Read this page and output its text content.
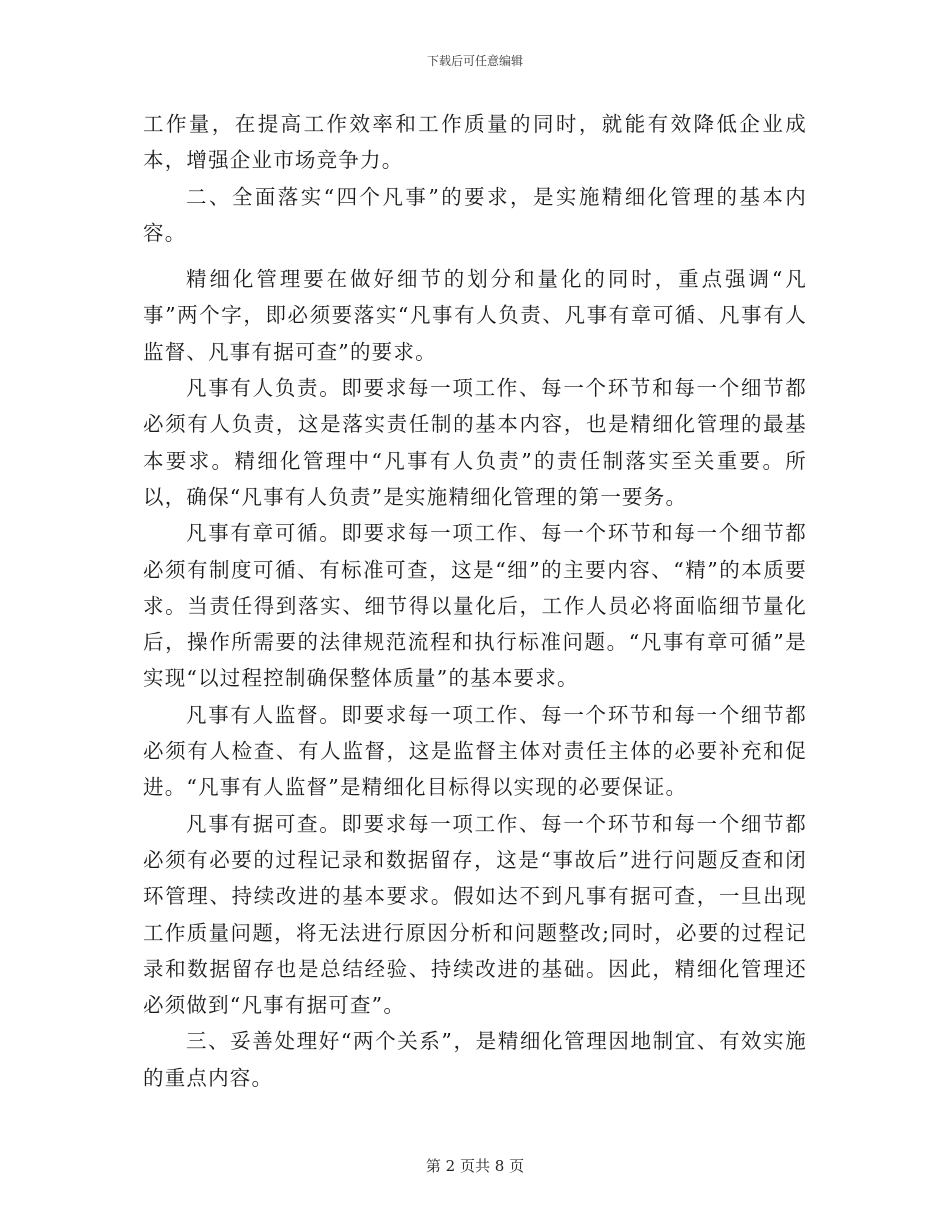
下载后可任意编辑

工作量，在提高工作效率和工作质量的同时，就能有效降低企业成本，增强企业市场竞争力。

二、全面落实“四个凡事”的要求，是实施精细化管理的基本内容。

精细化管理要在做好细节的划分和量化的同时，重点强调“凡事”两个字，即必须要落实“凡事有人负责、凡事有章可循、凡事有人监督、凡事有据可查”的要求。

凡事有人负责。即要求每一项工作、每一个环节和每一个细节都必须有人负责，这是落实责任制的基本内容，也是精细化管理的最基本要求。精细化管理中“凡事有人负责”的责任制落实至关重要。所以，确保“凡事有人负责”是实施精细化管理的第一要务。

凡事有章可循。即要求每一项工作、每一个环节和每一个细节都必须有制度可循、有标准可查，这是“细”的主要内容、“精”的本质要求。当责任得到落实、细节得以量化后，工作人员必将面临细节量化后，操作所需要的法律规范流程和执行标准问题。“凡事有章可循”是实现“以过程控制确保整体质量”的基本要求。

凡事有人监督。即要求每一项工作、每一个环节和每一个细节都必须有人检查、有人监督，这是监督主体对责任主体的必要补充和促进。“凡事有人监督”是精细化目标得以实现的必要保证。

凡事有据可查。即要求每一项工作、每一个环节和每一个细节都必须有必要的过程记录和数据留存，这是“事故后”进行问题反查和闭环管理、持续改进的基本要求。假如达不到凡事有据可查，一旦出现工作质量问题，将无法进行原因分析和问题整改;同时，必要的过程记录和数据留存也是总结经验、持续改进的基础。因此，精细化管理还必须做到“凡事有据可查”。

三、妥善处理好“两个关系”，是精细化管理因地制宜、有效实施的重点内容。

第 2 页共 8 页
